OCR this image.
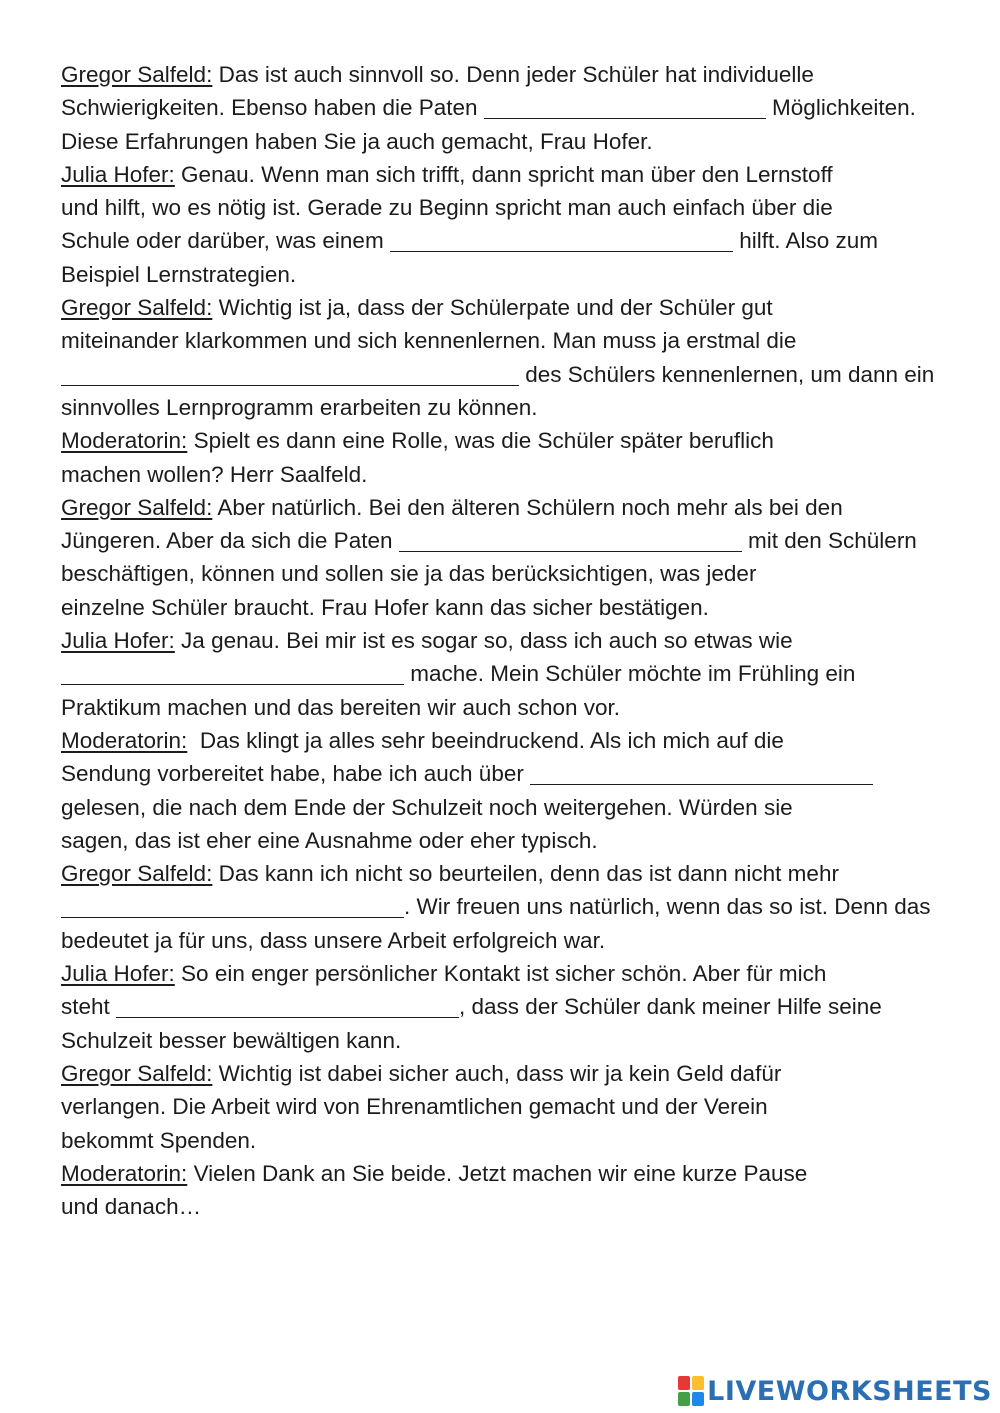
Gregor Salfeld: Das ist auch sinnvoll so. Denn jeder Schüler hat individuelle
Schwierigkeiten. Ebenso haben die Paten	Möglichkeiten.
Diese Erfahrungen haben Sie ja auch gemacht, Frau Hofer.
Julia Hofer: Genau. Wenn man sich trifft, dann spricht man über den Lernstoff
und hilft, wo es nötig ist. Gerade zu Beginn spricht man auch einfach über die
Schule oder darüber, was einem	hilft. Also zum
Beispiel Lernstrategien.
Gregor Salfeld: Wichtig ist ja, dass der Schülerpate und der Schüler gut
miteinander klarkommen und sich kennenlernen. Man muss ja erstmal die
des Schülers kennenlernen, um dann ein
sinnvolles Lernprogramm erarbeiten zu können.
Moderatorin: Spielt es dann eine Rolle, was die Schüler später beruflich
machen wollen? Herr Saalfeld.
Gregor Salfeld: Aber natürlich. Bei den älteren Schülern noch mehr als bei den
Jüngeren. Aber da sich die Paten	mit den Schülern
beschäftigen, können und sollen sie ja das berücksichtigen, was jeder
einzelne Schüler braucht. Frau Hofer kann das sicher bestätigen.
Julia Hofer: Ja genau. Bei mir ist es sogar so, dass ich auch so etwas wie
mache. Mein Schüler möchte im Frühling ein
Praktikum machen und das bereiten wir auch schon vor.
Moderatorin:  Das klingt ja alles sehr beeindruckend. Als ich mich auf die
Sendung vorbereitet habe, habe ich auch über
gelesen, die nach dem Ende der Schulzeit noch weitergehen. Würden sie
sagen, das ist eher eine Ausnahme oder eher typisch.
Gregor Salfeld: Das kann ich nicht so beurteilen, denn das ist dann nicht mehr
. Wir freuen uns natürlich, wenn das so ist. Denn das
bedeutet ja für uns, dass unsere Arbeit erfolgreich war.
Julia Hofer: So ein enger persönlicher Kontakt ist sicher schön. Aber für mich
steht	, dass der Schüler dank meiner Hilfe seine
Schulzeit besser bewältigen kann.
Gregor Salfeld: Wichtig ist dabei sicher auch, dass wir ja kein Geld dafür
verlangen. Die Arbeit wird von Ehrenamtlichen gemacht und der Verein
bekommt Spenden.
Moderatorin: Vielen Dank an Sie beide. Jetzt machen wir eine kurze Pause
und danach…
LIVEWORKSHEETS
